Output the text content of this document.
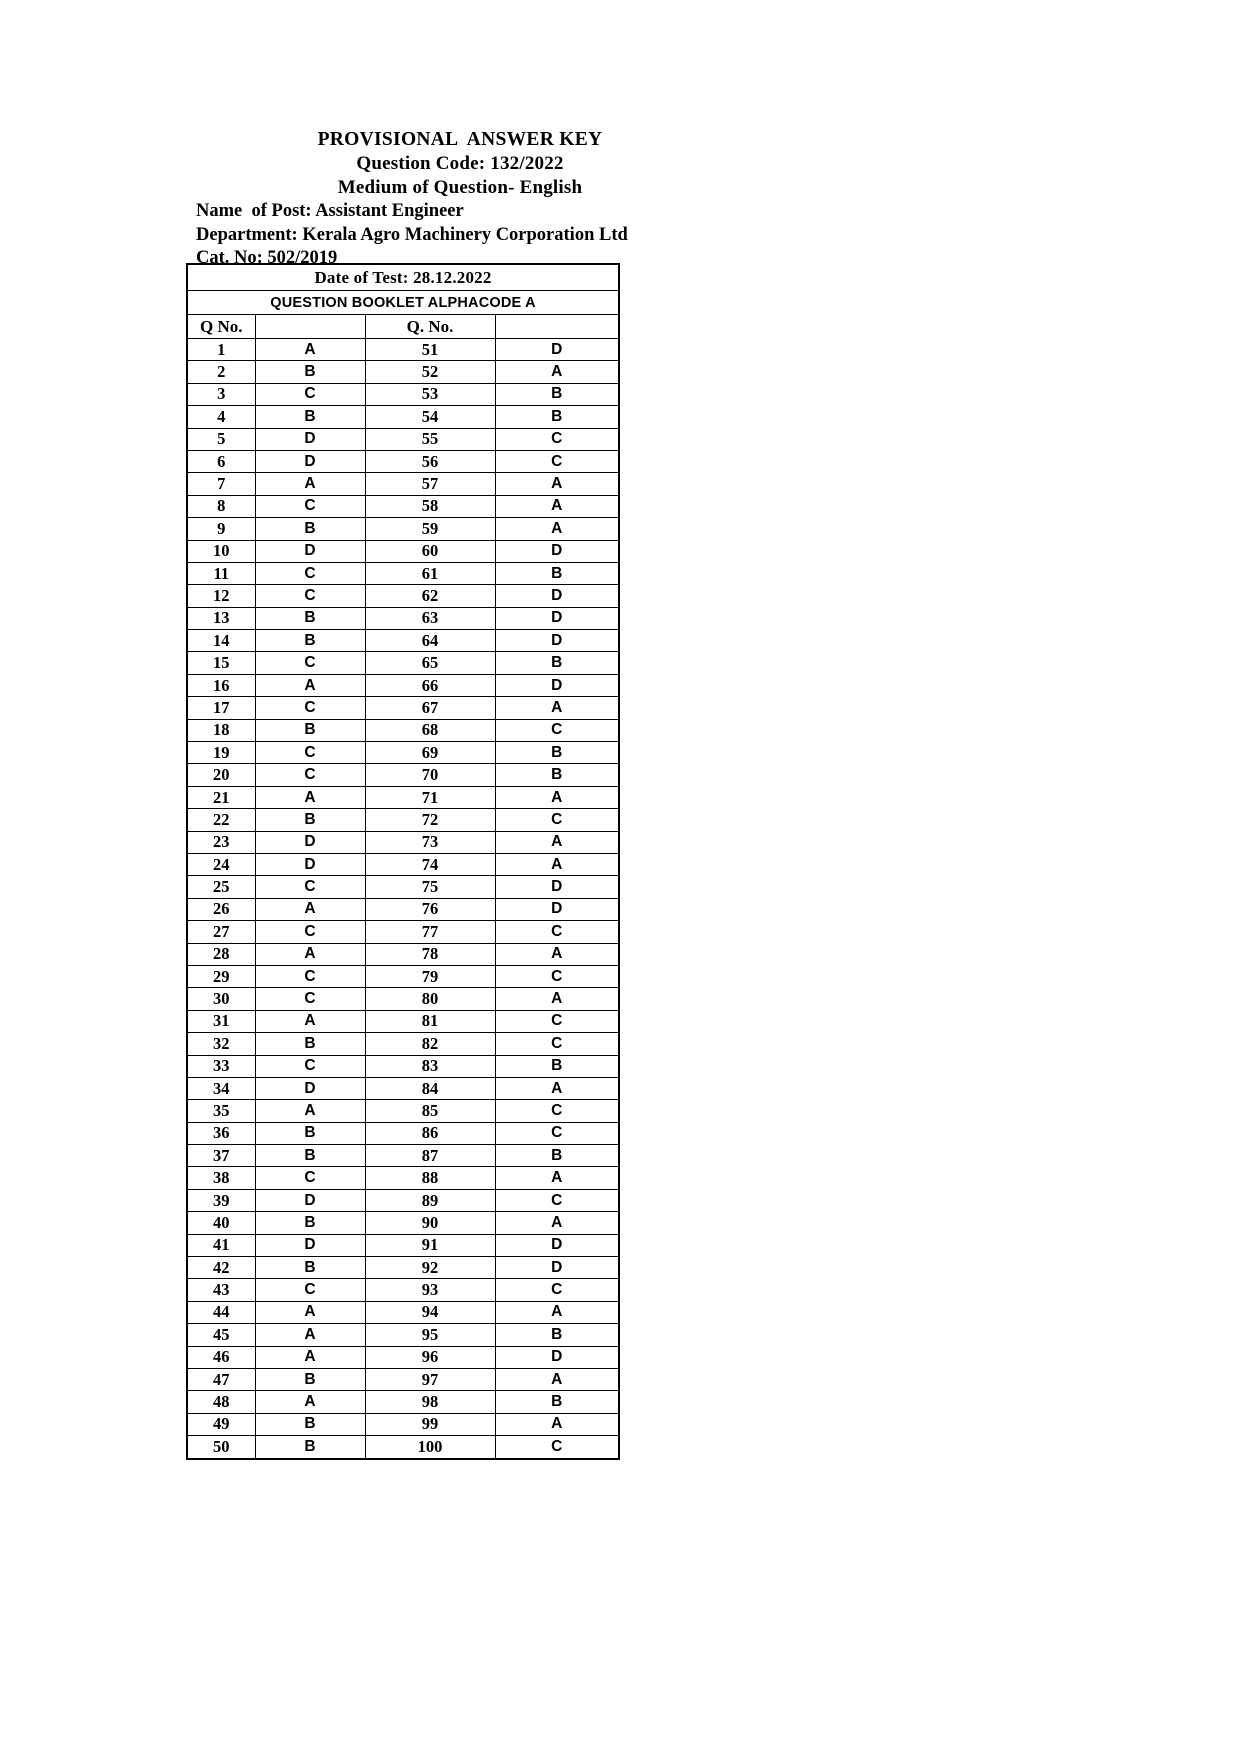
PROVISIONAL  ANSWER KEY
Question Code: 132/2022
Medium of Question- English
Name  of Post: Assistant Engineer
Department: Kerala Agro Machinery Corporation Ltd
Cat. No: 502/2019
Date of Test: 28.12.2022			
QUESTION BOOKLET ALPHACODE A			
Q No.		Q. No.	
1	A	51	D
2	B	52	A
3	C	53	B
4	B	54	B
5	D	55	C
6	D	56	C
7	A	57	A
8	C	58	A
9	B	59	A
10	D	60	D
11	C	61	B
12	C	62	D
13	B	63	D
14	B	64	D
15	C	65	B
16	A	66	D
17	C	67	A
18	B	68	C
19	C	69	B
20	C	70	B
21	A	71	A
22	B	72	C
23	D	73	A
24	D	74	A
25	C	75	D
26	A	76	D
27	C	77	C
28	A	78	A
29	C	79	C
30	C	80	A
31	A	81	C
32	B	82	C
33	C	83	B
34	D	84	A
35	A	85	C
36	B	86	C
37	B	87	B
38	C	88	A
39	D	89	C
40	B	90	A
41	D	91	D
42	B	92	D
43	C	93	C
44	A	94	A
45	A	95	B
46	A	96	D
47	B	97	A
48	A	98	B
49	B	99	A
50	B	100	C
